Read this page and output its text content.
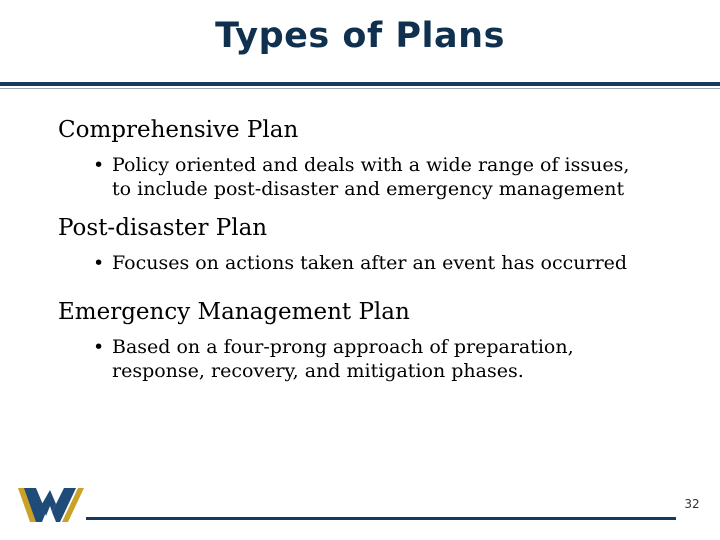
Types of Plans
Comprehensive Plan
• Policy oriented and deals with a wide range of issues, to include post-disaster and emergency management
Post-disaster Plan
• Focuses on actions taken after an event has occurred
Emergency Management Plan
• Based on a four-prong approach of preparation, response, recovery, and mitigation phases.
32
